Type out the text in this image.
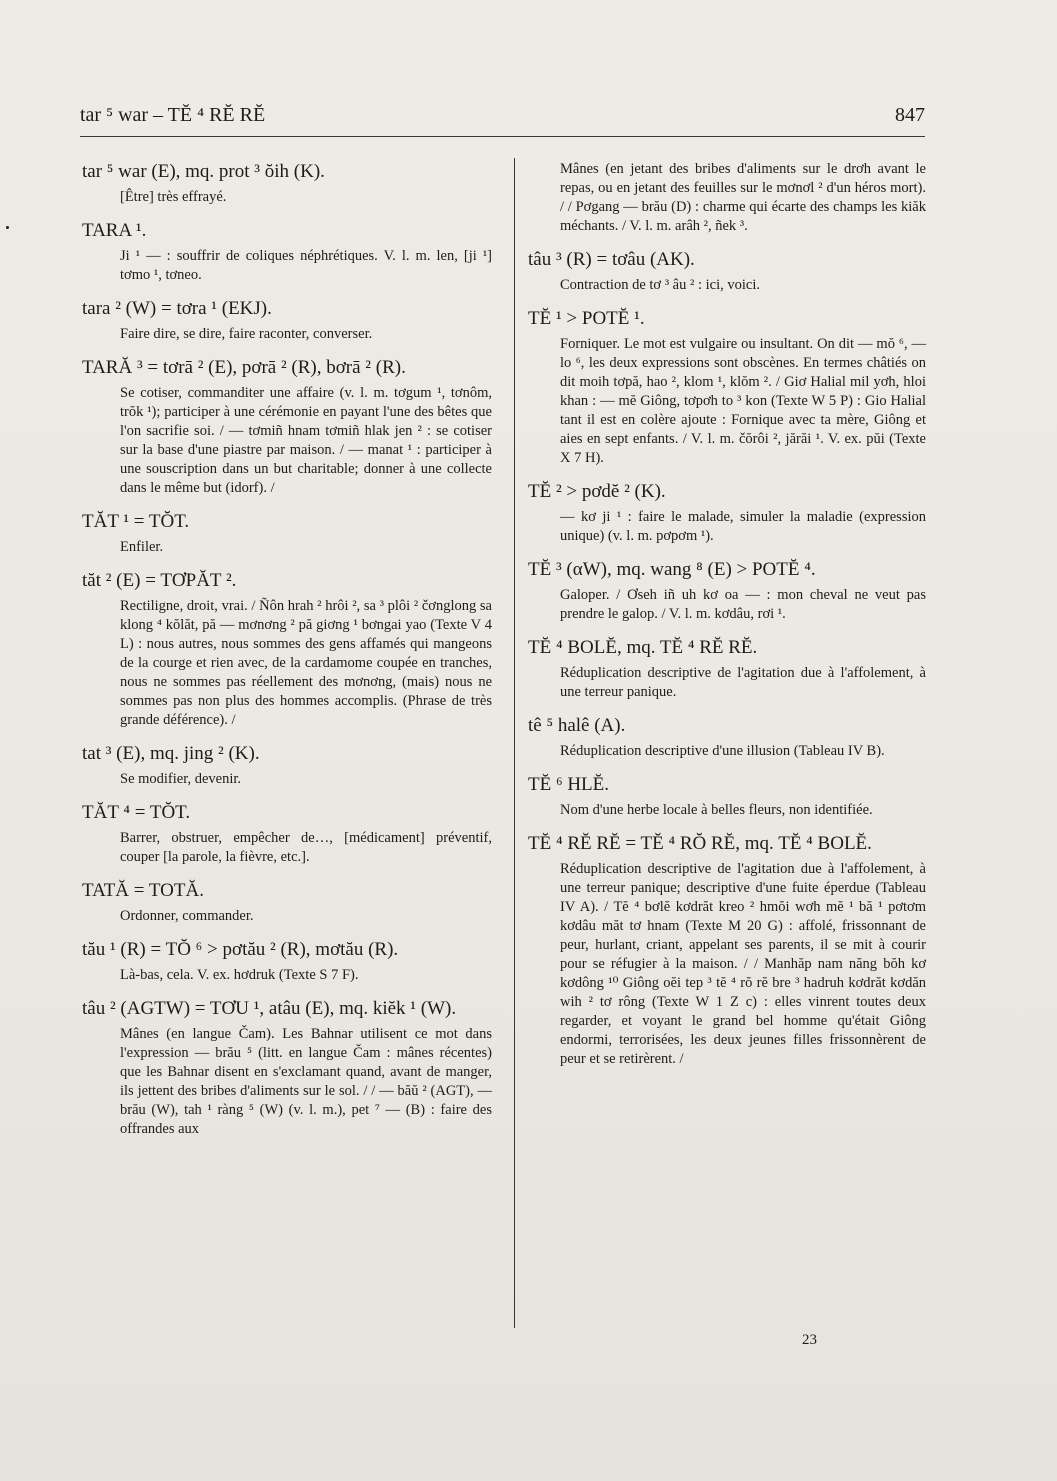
tar ⁵ war – TĔ ⁴ RĔ RĔ	847
tar ⁵ war (E), mq. prot ³ ŏih (K).
[Être] très effrayé.
TARA ¹.
Ji ¹ — : souffrir de coliques néphrétiques. V. l. m. len, [ji ¹] tơmo ¹, tơneo.
tara ² (W) = tơra ¹ (EKJ).
Faire dire, se dire, faire raconter, converser.
TARĂ ³ = tơrā ² (E), pơrā ² (R), bơrā ² (R).
Se cotiser, commanditer une affaire (v. l. m. tơgum ¹, tơnôm, trŏk ¹); participer à une cérémonie en payant l'une des bêtes que l'on sacrifie soi. / — tơmiñ hnam tơmiñ hlak jen ² : se cotiser sur la base d'une piastre par maison. / — manat ¹ : participer à une souscription dans un but charitable; donner à une collecte dans le même but (idorf). /
TĂT ¹ = TŎT.
Enfiler.
tăt ² (E) = TƠPĂT ².
Rectiligne, droit, vrai. / Ñôn hrah ² hrôi ², sa ³ plôi ² čơnglong sa klong ⁴ kŏlăt, pă — mơnơng ² pă giơng ¹ bơngai yao (Texte V 4 L) : nous autres, nous sommes des gens affamés qui mangeons de la courge et rien avec, de la cardamome coupée en tranches, nous ne sommes pas réellement des mơnơng, (mais) nous ne sommes pas non plus des hommes accomplis. (Phrase de très grande déférence). /
tat ³ (E), mq. jing ² (K).
Se modifier, devenir.
TĂT ⁴ = TŎT.
Barrer, obstruer, empêcher de…, [médicament] préventif, couper [la parole, la fièvre, etc.].
TATĂ = TOTĂ.
Ordonner, commander.
tău ¹ (R) = TŎ ⁶ > pơtău ² (R), mơtău (R).
Là-bas, cela. V. ex. hơdruk (Texte S 7 F).
tâu ² (AGTW) = TƠU ¹, atâu (E), mq. kiĕk ¹ (W).
Mânes (en langue Čam). Les Bahnar utilisent ce mot dans l'expression — brău ⁵ (litt. en langue Čam : mânes récentes) que les Bahnar disent en s'exclamant quand, avant de manger, ils jettent des bribes d'aliments sur le sol. / / — băŭ ² (AGT), — brău (W), tah ¹ ràng ⁵ (W) (v. l. m.), pet ⁷ — (B) : faire des offrandes aux
Mânes (en jetant des bribes d'aliments sur le drơh avant le repas, ou en jetant des feuilles sur le mơnơl ² d'un héros mort). / / Pơgang — brău (D) : charme qui écarte des champs les kiăk méchants. / V. l. m. arâh ², ñek ³.
tâu ³ (R) = tơâu (AK).
Contraction de tơ ³ âu ² : ici, voici.
TĔ ¹ > POTĔ ¹.
Forniquer. Le mot est vulgaire ou insultant. On dit — mŏ ⁶, — lo ⁶, les deux expressions sont obscènes. En termes châtiés on dit moih tơpă, hao ², klom ¹, klŏm ². / Giơ Halial mil yơh, hloi khan : — mĕ Giông, tơpơh to ³ kon (Texte W 5 P) : Gio Halial tant il est en colère ajoute : Fornique avec ta mère, Giông et aies en sept enfants. / V. l. m. čŏrôi ², jărăi ¹. V. ex. pŭi (Texte X 7 H).
TĔ ² > pơdĕ ² (K).
— kơ ji ¹ : faire le malade, simuler la maladie (expression unique) (v. l. m. pơpơm ¹).
TĔ ³ (αW), mq. wang ⁸ (E) > POTĔ ⁴.
Galoper. / Ơseh iñ uh kơ oa — : mon cheval ne veut pas prendre le galop. / V. l. m. kơdâu, rơi ¹.
TĔ ⁴ BOLĔ, mq. TĔ ⁴ RĔ RĔ.
Réduplication descriptive de l'agitation due à l'affolement, à une terreur panique.
tê ⁵ halê (A).
Réduplication descriptive d'une illusion (Tableau IV B).
TĔ ⁶ HLĔ.
Nom d'une herbe locale à belles fleurs, non identifiée.
TĔ ⁴ RĔ RĔ = TĔ ⁴ RŎ RĔ, mq. TĔ ⁴ BOLĔ.
Réduplication descriptive de l'agitation due à l'affolement, à une terreur panique; descriptive d'une fuite éperdue (Tableau IV A). / Tĕ ⁴ bơlĕ kơdrăt kreo ² hmŏi wơh mĕ ¹ bă ¹ pơtơm kơdâu măt tơ hnam (Texte M 20 G) : affolé, frissonnant de peur, hurlant, criant, appelant ses parents, il se mit à courir pour se réfugier à la maison. / / Manhăp nam năng bŏh kơ kơdông ¹⁰ Giông oĕi tep ³ tĕ ⁴ rŏ rĕ bre ³ hadruh kơdrăt kơdăn wih ² tơ rông (Texte W 1 Z c) : elles vinrent toutes deux regarder, et voyant le grand bel homme qu'était Giông endormi, terrorisées, les deux jeunes filles frissonnèrent de peur et se retirèrent. /
23
